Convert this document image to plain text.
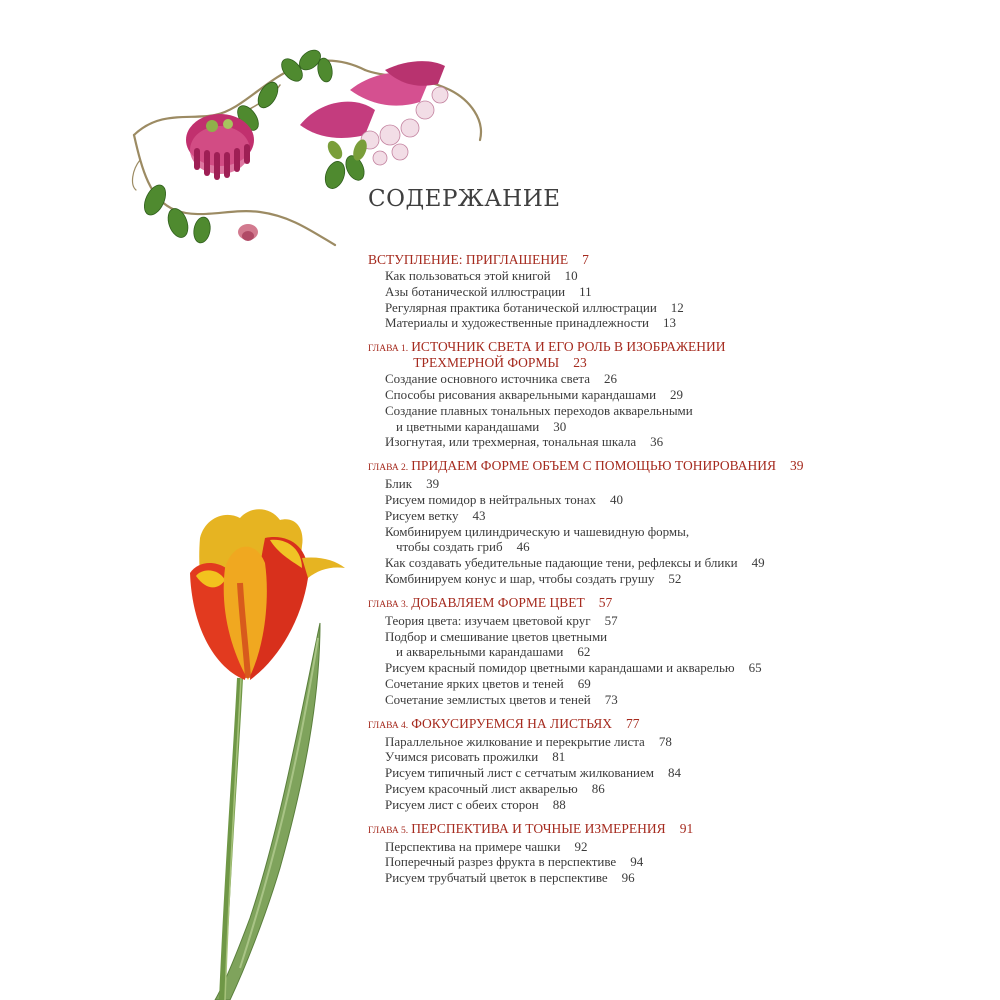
СОДЕРЖАНИЕ
ВСТУПЛЕНИЕ: ПРИГЛАШЕНИЕ 7
Как пользоваться этой книгой 10
Азы ботанической иллюстрации 11
Регулярная практика ботанической иллюстрации 12
Материалы и художественные принадлежности 13
ГЛАВА 1. ИСТОЧНИК СВЕТА И ЕГО РОЛЬ В ИЗОБРАЖЕНИИ
ТРЕХМЕРНОЙ ФОРМЫ 23
Создание основного источника света 26
Способы рисования акварельными карандашами 29
Создание плавных тональных переходов акварельными
и цветными карандашами 30
Изогнутая, или трехмерная, тональная шкала 36
ГЛАВА 2. ПРИДАЕМ ФОРМЕ ОБЪЕМ С ПОМОЩЬЮ ТОНИРОВАНИЯ 39
Блик 39
Рисуем помидор в нейтральных тонах 40
Рисуем ветку 43
Комбинируем цилиндрическую и чашевидную формы,
чтобы создать гриб 46
Как создавать убедительные падающие тени, рефлексы и блики 49
Комбинируем конус и шар, чтобы создать грушу 52
ГЛАВА 3. ДОБАВЛЯЕМ ФОРМЕ ЦВЕТ 57
Теория цвета: изучаем цветовой круг 57
Подбор и смешивание цветов цветными
и акварельными карандашами 62
Рисуем красный помидор цветными карандашами и акварелью 65
Сочетание ярких цветов и теней 69
Сочетание землистых цветов и теней 73
ГЛАВА 4. ФОКУСИРУЕМСЯ НА ЛИСТЬЯХ 77
Параллельное жилкование и перекрытие листа 78
Учимся рисовать прожилки 81
Рисуем типичный лист с сетчатым жилкованием 84
Рисуем красочный лист акварелью 86
Рисуем лист с обеих сторон 88
ГЛАВА 5. ПЕРСПЕКТИВА И ТОЧНЫЕ ИЗМЕРЕНИЯ 91
Перспектива на примере чашки 92
Поперечный разрез фрукта в перспективе 94
Рисуем трубчатый цветок в перспективе 96
